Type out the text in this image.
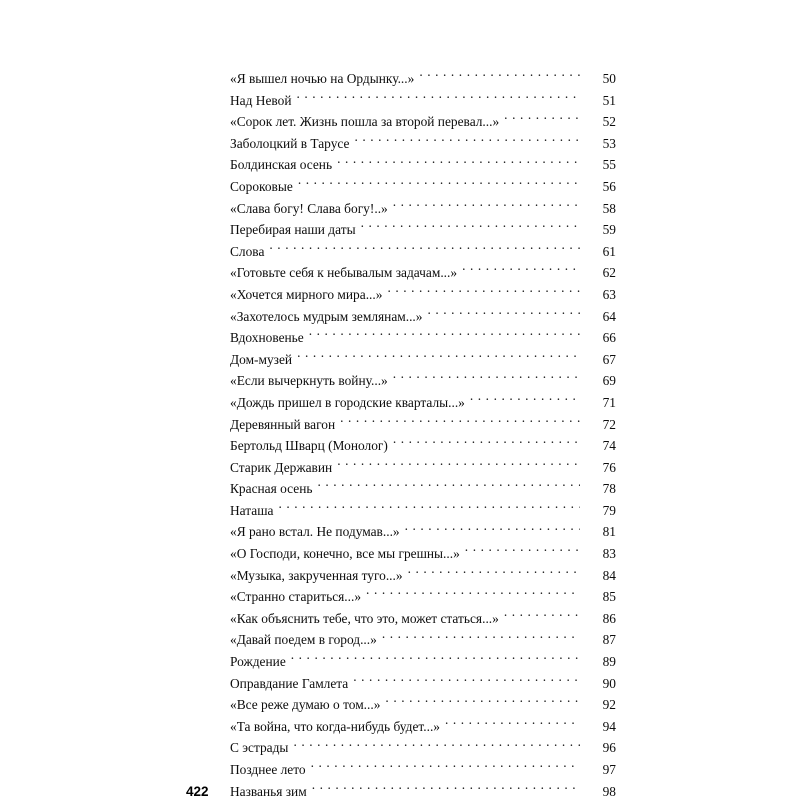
«Я вышел ночью на Ордынку...» . . .	50
Над Невой . . .	51
«Сорок лет. Жизнь пошла за второй перевал...» . . .	52
Заболоцкий в Тарусе . . .	53
Болдинская осень . . .	55
Сороковые . . .	56
«Слава богу! Слава богу!..» . . .	58
Перебирая наши даты . . .	59
Слова . . .	61
«Готовьте себя к небывалым задачам...» . . .	62
«Хочется мирного мира...» . . .	63
«Захотелось мудрым землянам...» . . .	64
Вдохновенье . . .	66
Дом-музей . . .	67
«Если вычеркнуть войну...» . . .	69
«Дождь пришел в городские кварталы...» . . .	71
Деревянный вагон . . .	72
Бертольд Шварц (Монолог) . . .	74
Старик Державин . . .	76
Красная осень . . .	78
Наташа . . .	79
«Я рано встал. Не подумав...» . . .	81
«О Господи, конечно, все мы грешны...» . . .	83
«Музыка, закрученная туго...» . . .	84
«Странно стариться...» . . .	85
«Как объяснить тебе, что это, может статься...» . . .	86
«Давай поедем в город...» . . .	87
Рождение . . .	89
Оправдание Гамлета . . .	90
«Все реже думаю о том...» . . .	92
«Та война, что когда-нибудь будет...» . . .	94
С эстрады . . .	96
Позднее лето . . .	97
422	Названья зим . . .	98
